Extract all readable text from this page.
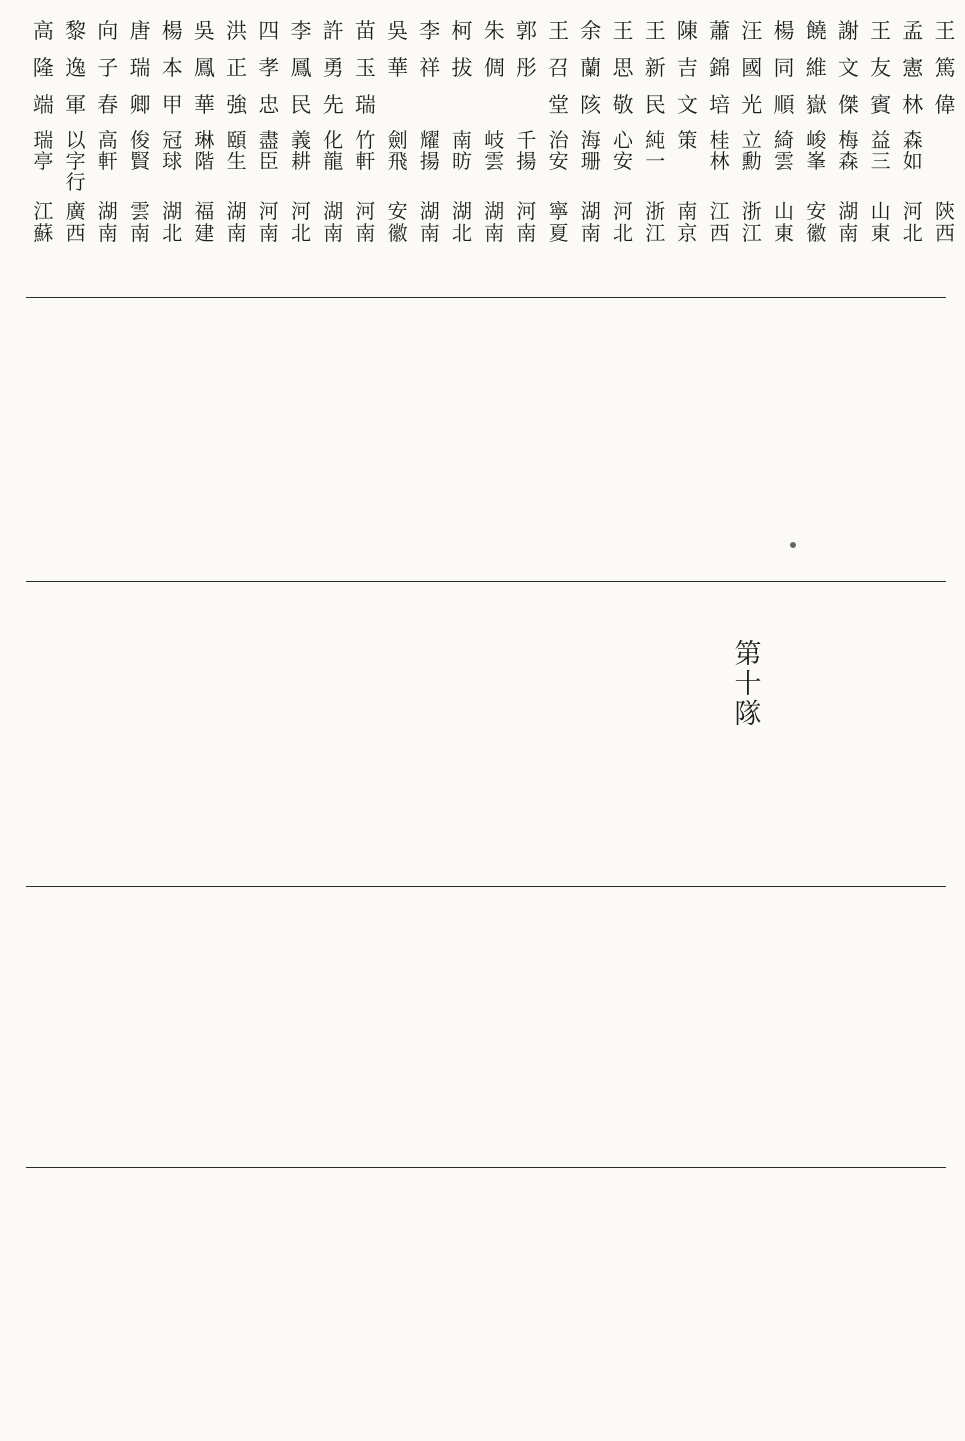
王
篤
偉
陝
西
孟
憲
林
森
如
河
北
王
友
賓
益
三
山
東
謝
文
傑
梅
森
湖
南
饒
維
嶽
峻
峯
安
徽
楊
同
順
綺
雲
山
東
汪
國
光
立
勳
浙
江
蕭
錦
培
桂
林
江
西
陳
吉
文
策
南
京
王
新
民
純
一
浙
江
王
思
敬
心
安
河
北
余
蘭
陔
海
珊
湖
南
王
召
堂
治
安
寧
夏
郭
彤
千
揚
河
南
朱
倜
岐
雲
湖
南
柯
拔
南
昉
湖
北
李
祥
耀
揚
湖
南
吳
華
劍
飛
安
徽
苗
玉
瑞
竹
軒
河
南
許
勇
先
化
龍
湖
南
李
鳳
民
義
耕
河
北
四
孝
忠
盡
臣
河
南
洪
正
強
頤
生
湖
南
吳
鳳
華
琳
階
福
建
楊
本
甲
冠
球
湖
北
唐
瑞
卿
俊
賢
雲
南
向
子
春
高
軒
湖
南
黎
逸
軍
以
字
行
廣
西
高
隆
端
瑞
亭
江
蘇
第
十
隊
